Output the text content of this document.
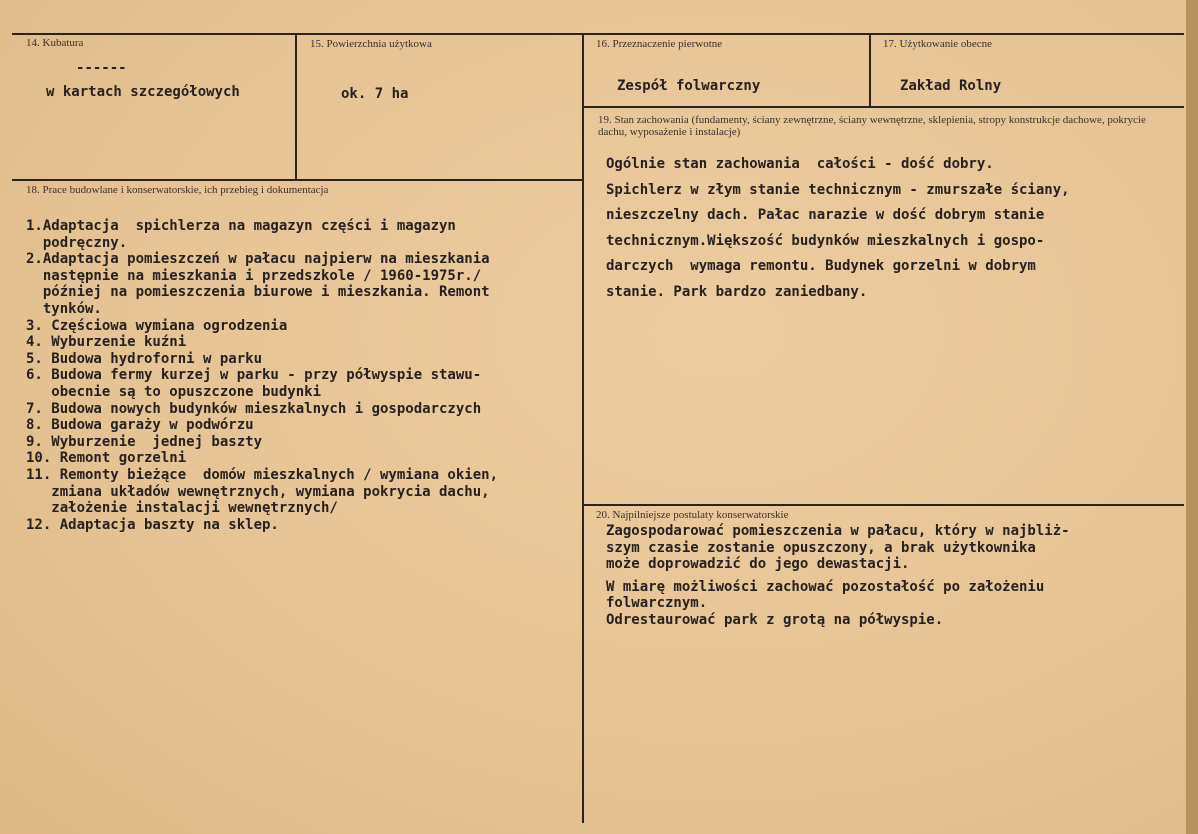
14. Kubatura
------
w kartach szczegółowych
15. Powierzchnia użytkowa
ok. 7 ha
16. Przeznaczenie pierwotne
Zespół folwarczny
17. Użytkowanie obecne
Zakład Rolny
18. Prace budowlane i konserwatorskie, ich przebieg i dokumentacja
1.Adaptacja  spichlerza na magazyn części i magazyn
podręczny.
2.Adaptacja pomieszczeń w pałacu najpierw na mieszkania
następnie na mieszkania i przedszkole / 1960-1975r./
później na pomieszczenia biurowe i mieszkania. Remont
tynków.
3. Częściowa wymiana ogrodzenia
4. Wyburzenie kuźni
5. Budowa hydroforni w parku
6. Budowa fermy kurzej w parku - przy półwyspie stawu-
obecnie są to opuszczone budynki
7. Budowa nowych budynków mieszkalnych i gospodarczych
8. Budowa garaży w podwórzu
9. Wyburzenie  jednej baszty
10. Remont gorzelni
11. Remonty bieżące  domów mieszkalnych / wymiana okien,
zmiana układów wewnętrznych, wymiana pokrycia dachu,
założenie instalacji wewnętrznych/
12. Adaptacja baszty na sklep.
19. Stan zachowania (fundamenty, ściany zewnętrzne, ściany wewnętrzne, sklepienia, stropy konstrukcje dachowe, pokrycie dachu, wyposażenie i instalacje)
Ogólnie stan zachowania  całości - dość dobry.
Spichlerz w złym stanie technicznym - zmurszałe ściany,
nieszczelny dach. Pałac narazie w dość dobrym stanie
technicznym.Większość budynków mieszkalnych i gospo-
darczych  wymaga remontu. Budynek gorzelni w dobrym
stanie. Park bardzo zaniedbany.
20. Najpilniejsze postulaty konserwatorskie
Zagospodarować pomieszczenia w pałacu, który w najbliż-
szym czasie zostanie opuszczony, a brak użytkownika
może doprowadzić do jego dewastacji.
W miarę możliwości zachować pozostałość po założeniu
folwarcznym.
Odrestaurować park z grotą na półwyspie.
